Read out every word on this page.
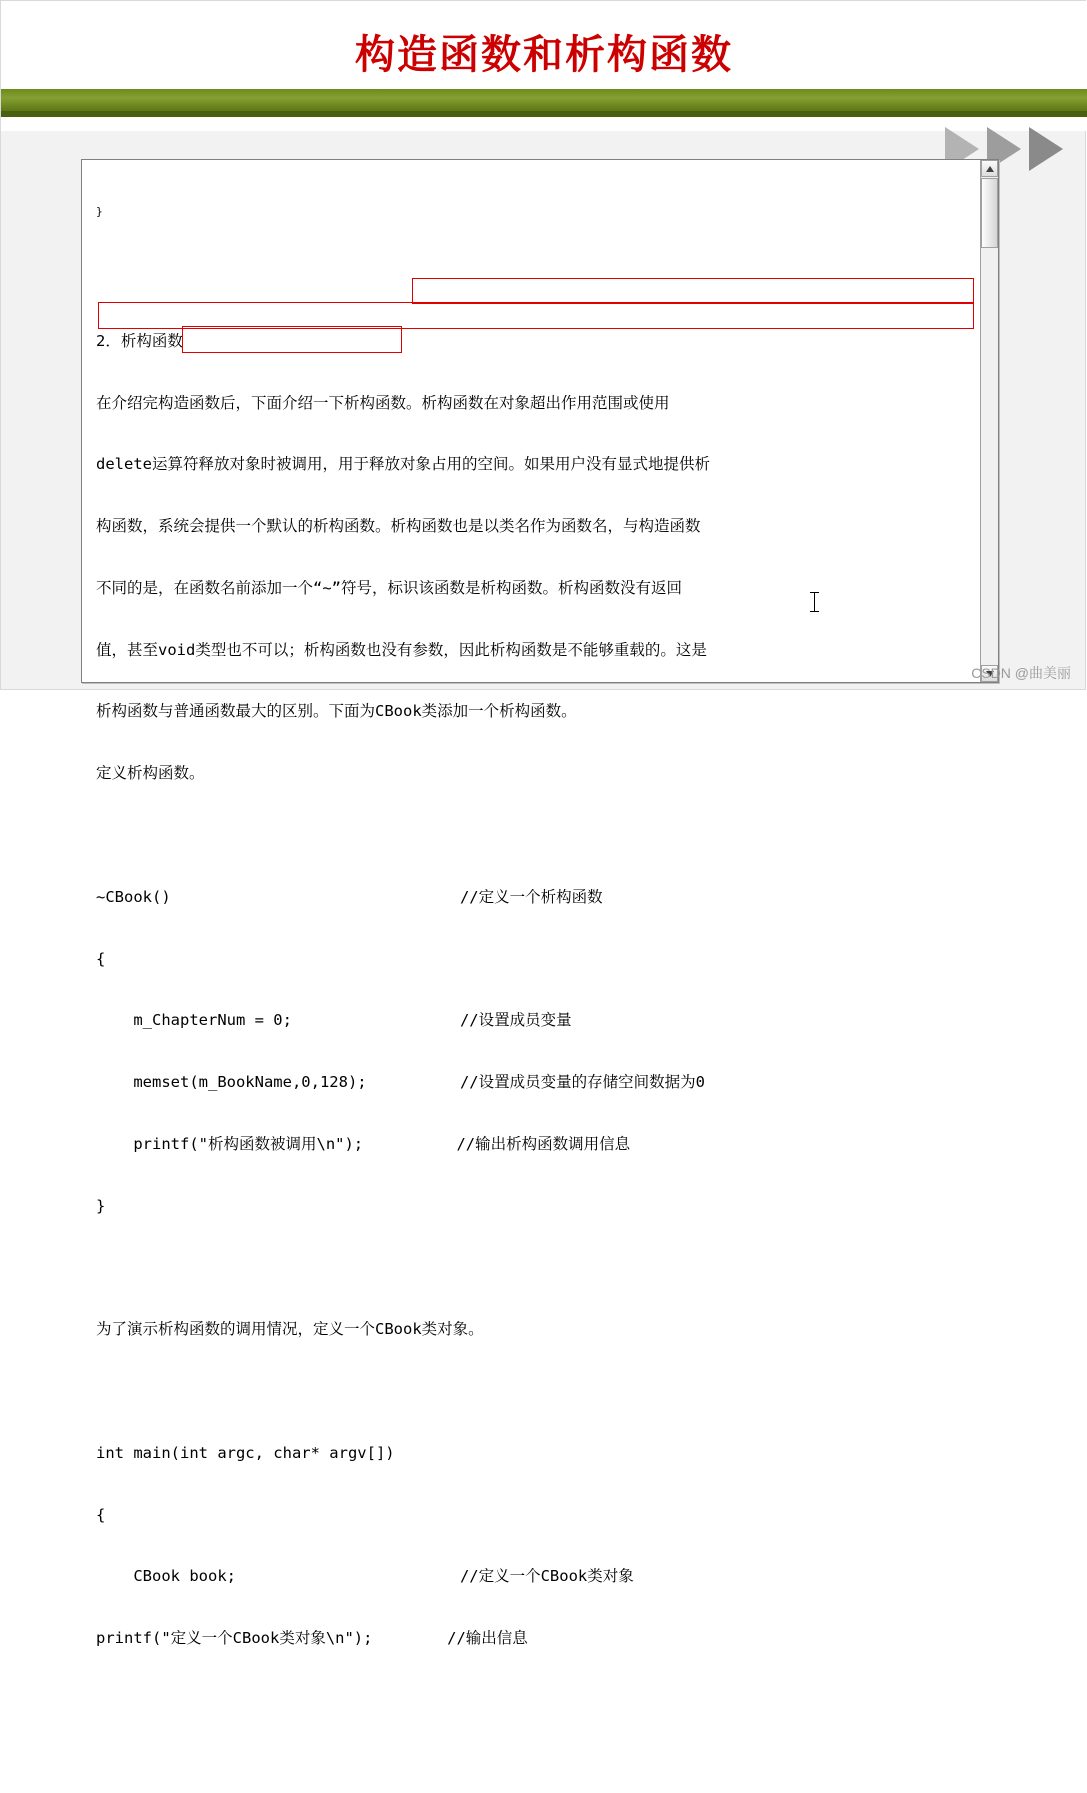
构造函数和析构函数

}

2．析构函数

在介绍完构造函数后，下面介绍一下析构函数。析构函数在对象超出作用范围或使用

delete运算符释放对象时被调用，用于释放对象占用的空间。如果用户没有显式地提供析

构函数，系统会提供一个默认的析构函数。析构函数也是以类名作为函数名，与构造函数

不同的是，在函数名前添加一个“~”符号，标识该函数是析构函数。析构函数没有返回

值，甚至void类型也不可以；析构函数也没有参数，因此析构函数是不能够重载的。这是

析构函数与普通函数最大的区别。下面为CBook类添加一个析构函数。

定义析构函数。

~CBook()                               //定义一个析构函数

{

m_ChapterNum = 0;                  //设置成员变量

memset(m_BookName,0,128);          //设置成员变量的存储空间数据为0

printf("析构函数被调用\n");          //输出析构函数调用信息

}

为了演示析构函数的调用情况，定义一个CBook类对象。

int main(int argc, char* argv[])

{

CBook book;                        //定义一个CBook类对象

printf("定义一个CBook类对象\n");        //输出信息

CSDN @曲美丽
